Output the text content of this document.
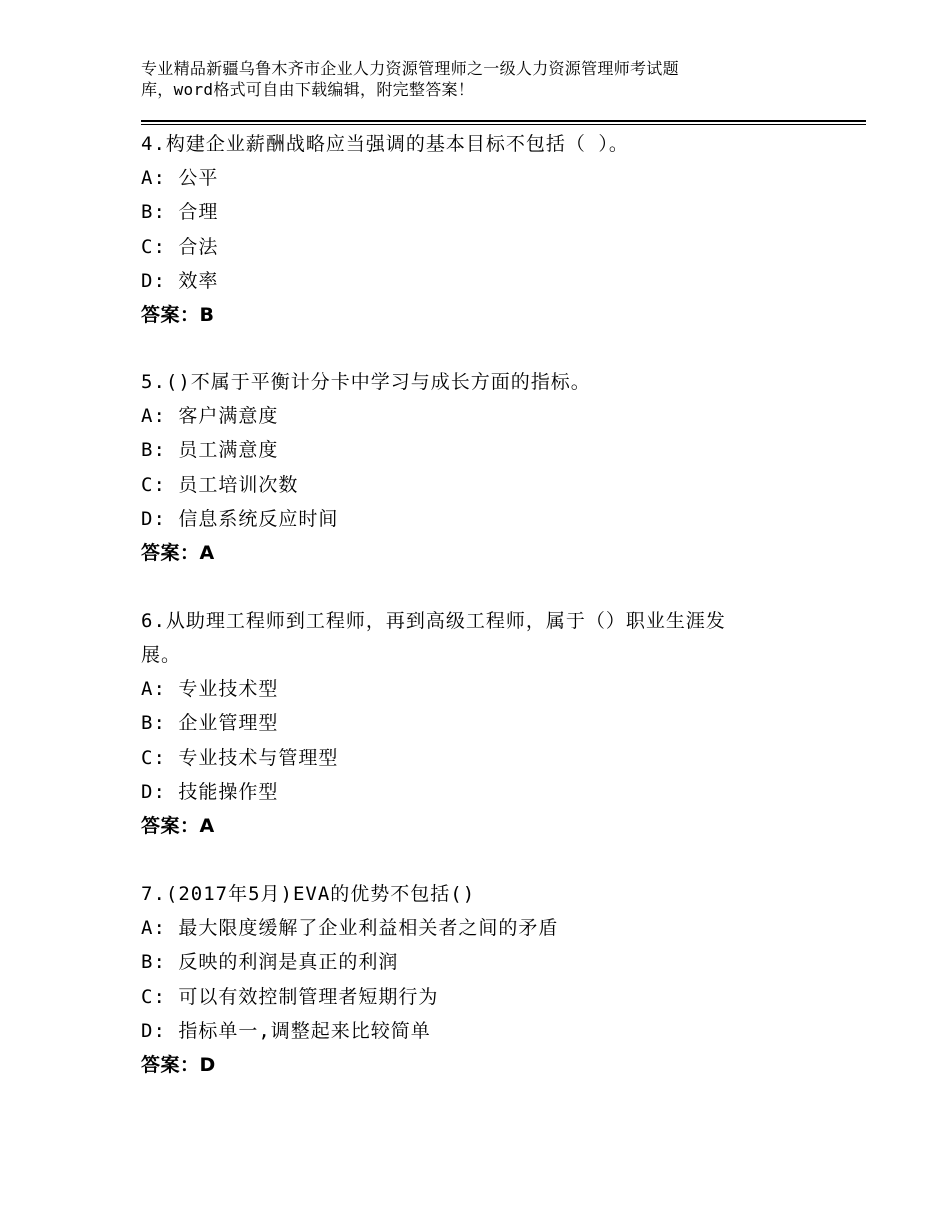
专业精品新疆乌鲁木齐市企业人力资源管理师之一级人力资源管理师考试题
库，word格式可自由下载编辑，附完整答案！
4.构建企业薪酬战略应当强调的基本目标不包括（ ）。
A: 公平
B: 合理
C: 合法
D: 效率
答案：B
5.()不属于平衡计分卡中学习与成长方面的指标。
A: 客户满意度
B: 员工满意度
C: 员工培训次数
D: 信息系统反应时间
答案：A
6.从助理工程师到工程师，再到高级工程师，属于（）职业生涯发
展。
A: 专业技术型
B: 企业管理型
C: 专业技术与管理型
D: 技能操作型
答案：A
7.(2017年5月)EVA的优势不包括()
A: 最大限度缓解了企业利益相关者之间的矛盾
B: 反映的利润是真正的利润
C: 可以有效控制管理者短期行为
D: 指标单一,调整起来比较简单
答案：D
